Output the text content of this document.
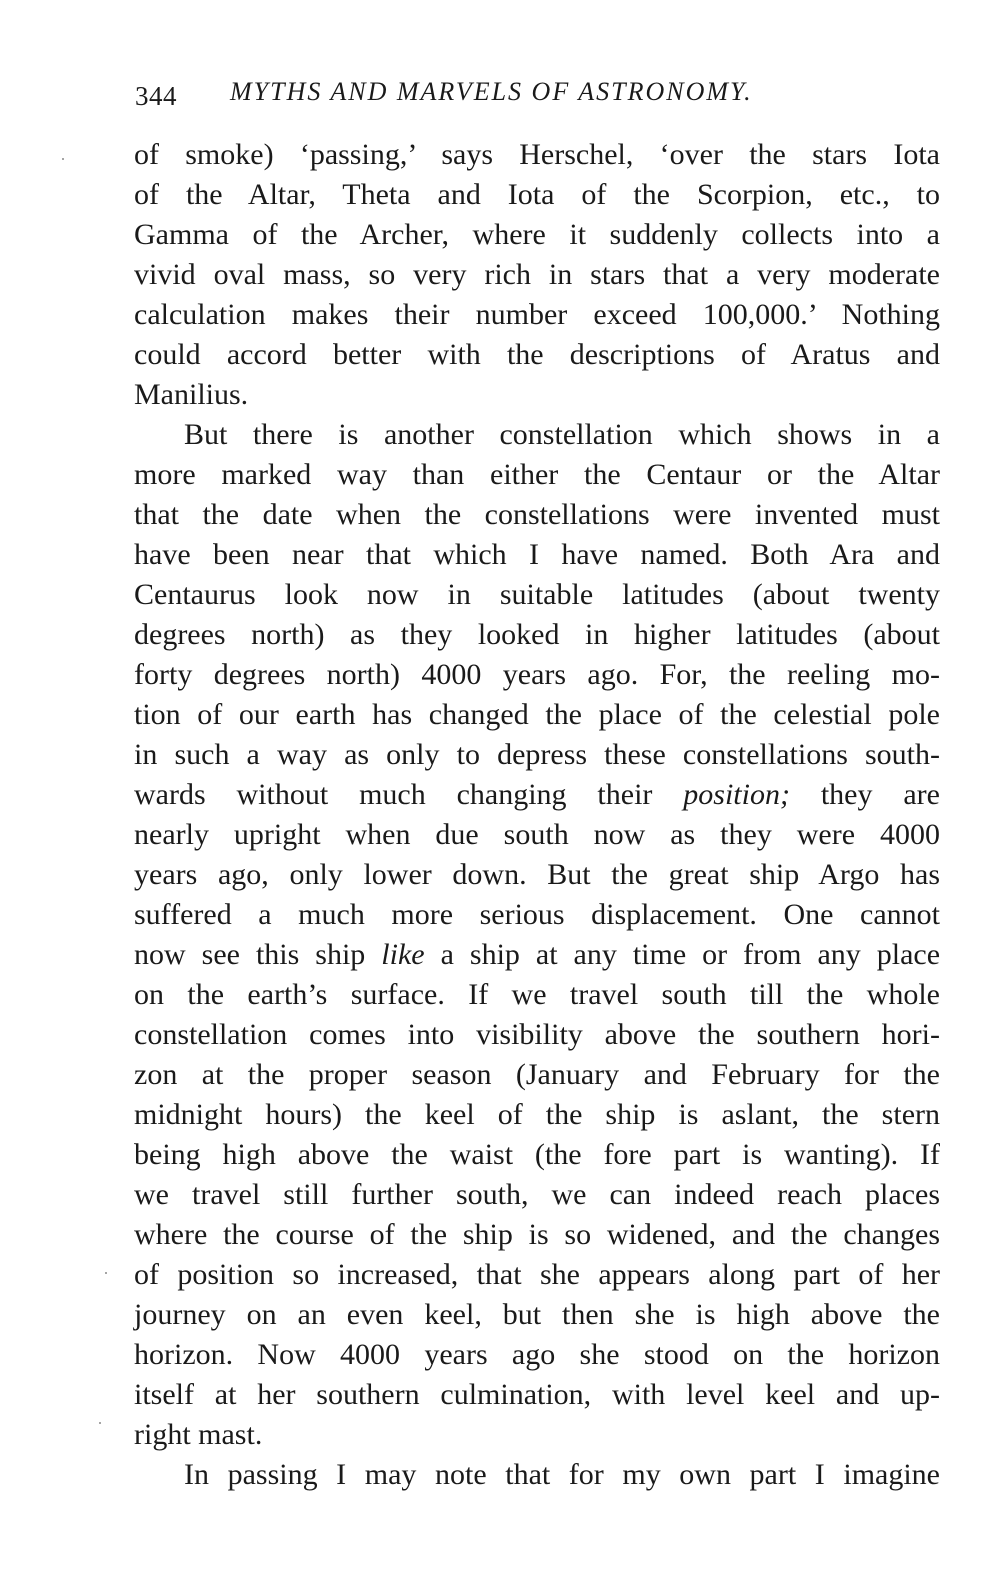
344 MYTHS AND MARVELS OF ASTRONOMY.
of smoke) ‘passing,’ says Herschel, ‘over the stars Iota
of the Altar, Theta and Iota of the Scorpion, etc., to
Gamma of the Archer, where it suddenly collects into a
vivid oval mass, so very rich in stars that a very moderate
calculation makes their number exceed 100,000.’ Nothing
could accord better with the descriptions of Aratus and
Manilius.
But there is another constellation which shows in a
more marked way than either the Centaur or the Altar
that the date when the constellations were invented must
have been near that which I have named. Both Ara and
Centaurus look now in suitable latitudes (about twenty
degrees north) as they looked in higher latitudes (about
forty degrees north) 4000 years ago. For, the reeling mo-
tion of our earth has changed the place of the celestial pole
in such a way as only to depress these constellations south-
wards without much changing their position; they are
nearly upright when due south now as they were 4000
years ago, only lower down. But the great ship Argo has
suffered a much more serious displacement. One cannot
now see this ship like a ship at any time or from any place
on the earth’s surface. If we travel south till the whole
constellation comes into visibility above the southern hori-
zon at the proper season (January and February for the
midnight hours) the keel of the ship is aslant, the stern
being high above the waist (the fore part is wanting). If
we travel still further south, we can indeed reach places
where the course of the ship is so widened, and the changes
of position so increased, that she appears along part of her
journey on an even keel, but then she is high above the
horizon. Now 4000 years ago she stood on the horizon
itself at her southern culmination, with level keel and up-
right mast.
In passing I may note that for my own part I imagine
